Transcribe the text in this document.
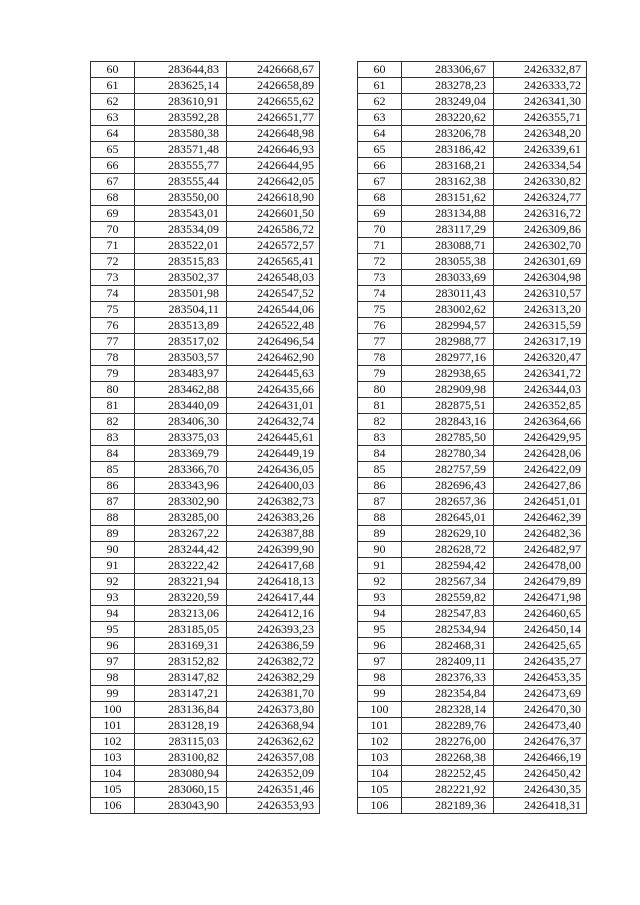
60	283644,83	2426668,67
61	283625,14	2426658,89
62	283610,91	2426655,62
63	283592,28	2426651,77
64	283580,38	2426648,98
65	283571,48	2426646,93
66	283555,77	2426644,95
67	283555,44	2426642,05
68	283550,00	2426618,90
69	283543,01	2426601,50
70	283534,09	2426586,72
71	283522,01	2426572,57
72	283515,83	2426565,41
73	283502,37	2426548,03
74	283501,98	2426547,52
75	283504,11	2426544,06
76	283513,89	2426522,48
77	283517,02	2426496,54
78	283503,57	2426462,90
79	283483,97	2426445,63
80	283462,88	2426435,66
81	283440,09	2426431,01
82	283406,30	2426432,74
83	283375,03	2426445,61
84	283369,79	2426449,19
85	283366,70	2426436,05
86	283343,96	2426400,03
87	283302,90	2426382,73
88	283285,00	2426383,26
89	283267,22	2426387,88
90	283244,42	2426399,90
91	283222,42	2426417,68
92	283221,94	2426418,13
93	283220,59	2426417,44
94	283213,06	2426412,16
95	283185,05	2426393,23
96	283169,31	2426386,59
97	283152,82	2426382,72
98	283147,82	2426382,29
99	283147,21	2426381,70
100	283136,84	2426373,80
101	283128,19	2426368,94
102	283115,03	2426362,62
103	283100,82	2426357,08
104	283080,94	2426352,09
105	283060,15	2426351,46
106	283043,90	2426353,93
60	283306,67	2426332,87
61	283278,23	2426333,72
62	283249,04	2426341,30
63	283220,62	2426355,71
64	283206,78	2426348,20
65	283186,42	2426339,61
66	283168,21	2426334,54
67	283162,38	2426330,82
68	283151,62	2426324,77
69	283134,88	2426316,72
70	283117,29	2426309,86
71	283088,71	2426302,70
72	283055,38	2426301,69
73	283033,69	2426304,98
74	283011,43	2426310,57
75	283002,62	2426313,20
76	282994,57	2426315,59
77	282988,77	2426317,19
78	282977,16	2426320,47
79	282938,65	2426341,72
80	282909,98	2426344,03
81	282875,51	2426352,85
82	282843,16	2426364,66
83	282785,50	2426429,95
84	282780,34	2426428,06
85	282757,59	2426422,09
86	282696,43	2426427,86
87	282657,36	2426451,01
88	282645,01	2426462,39
89	282629,10	2426482,36
90	282628,72	2426482,97
91	282594,42	2426478,00
92	282567,34	2426479,89
93	282559,82	2426471,98
94	282547,83	2426460,65
95	282534,94	2426450,14
96	282468,31	2426425,65
97	282409,11	2426435,27
98	282376,33	2426453,35
99	282354,84	2426473,69
100	282328,14	2426470,30
101	282289,76	2426473,40
102	282276,00	2426476,37
103	282268,38	2426466,19
104	282252,45	2426450,42
105	282221,92	2426430,35
106	282189,36	2426418,31
